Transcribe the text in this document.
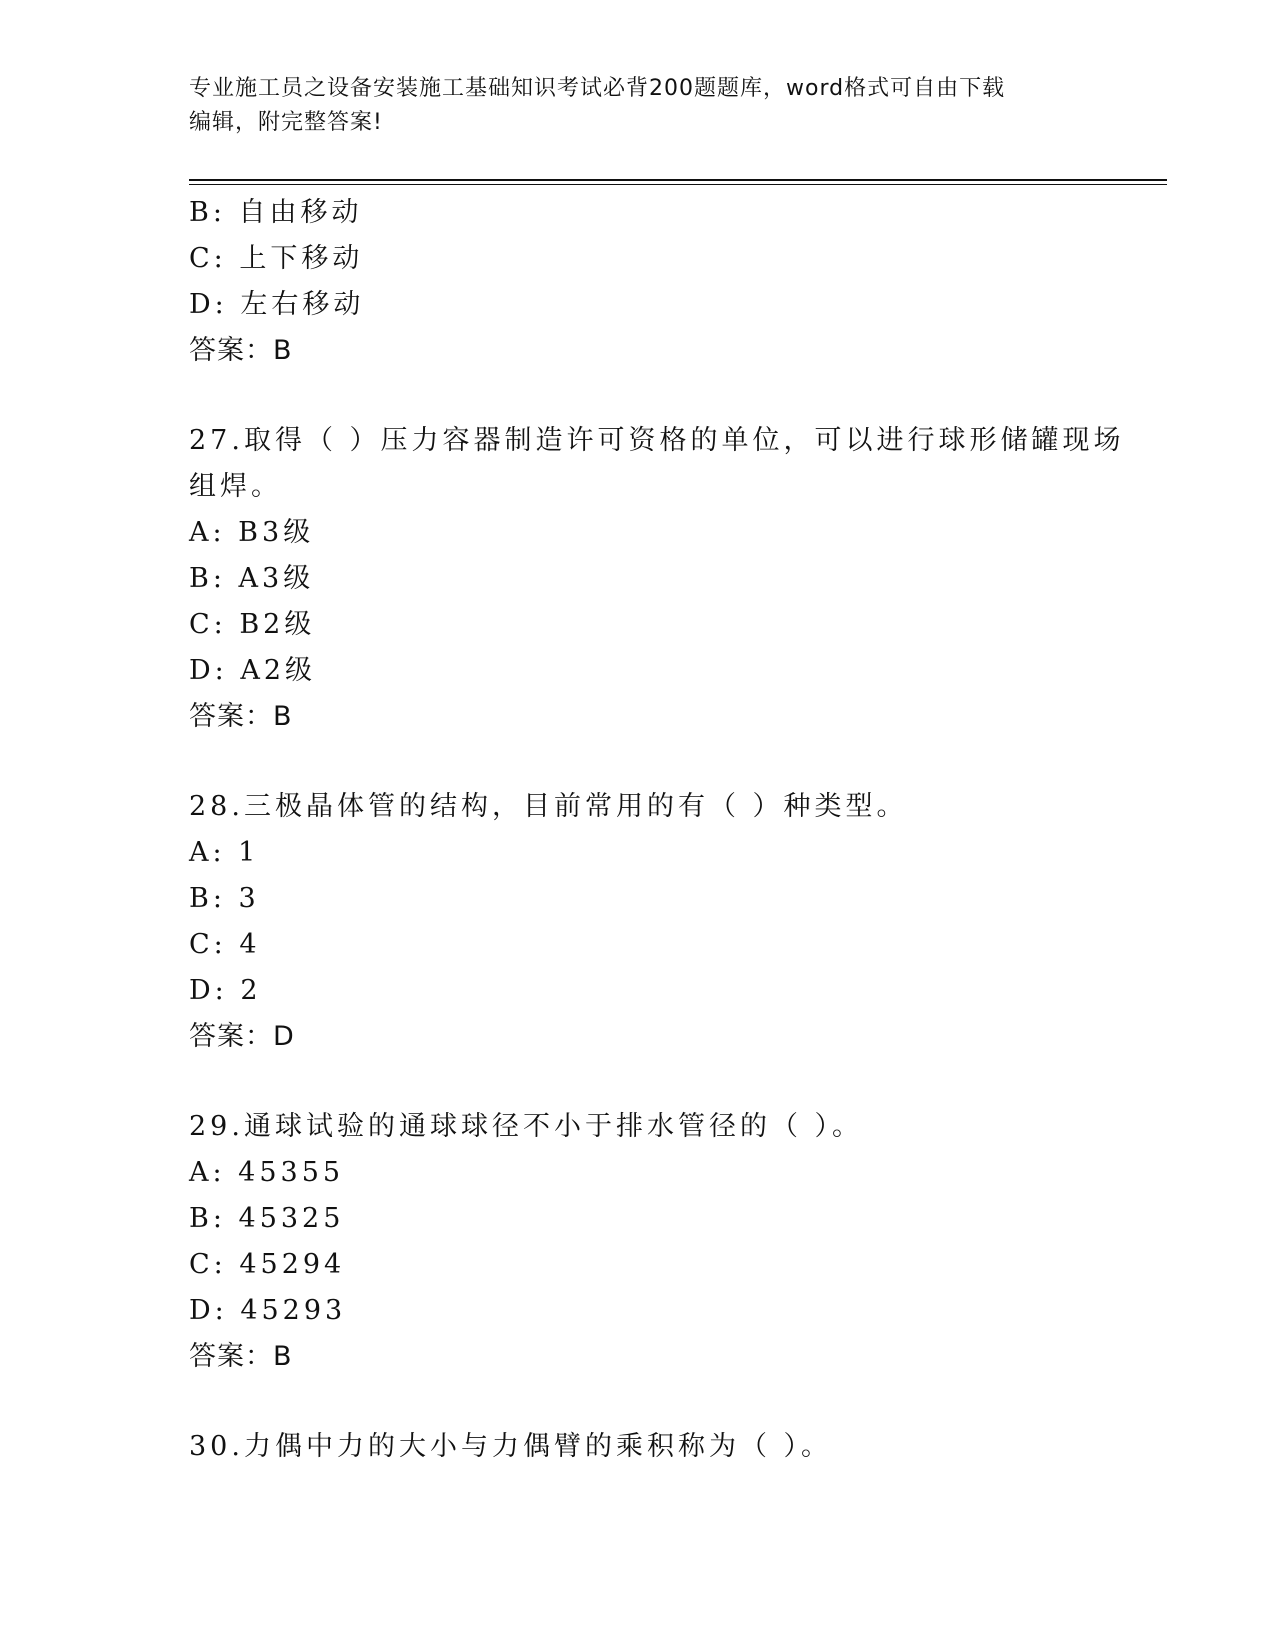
专业施工员之设备安装施工基础知识考试必背200题题库，word格式可自由下载
编辑，附完整答案!
B: 自由移动
C: 上下移动
D: 左右移动
答案：B
27.取得（ ）压力容器制造许可资格的单位，可以进行球形储罐现场
组焊。
A: B3级
B: A3级
C: B2级
D: A2级
答案：B
28.三极晶体管的结构，目前常用的有（ ）种类型。
A: 1
B: 3
C: 4
D: 2
答案：D
29.通球试验的通球球径不小于排水管径的（ ）。
A: 45355
B: 45325
C: 45294
D: 45293
答案：B
30.力偶中力的大小与力偶臂的乘积称为（ ）。
